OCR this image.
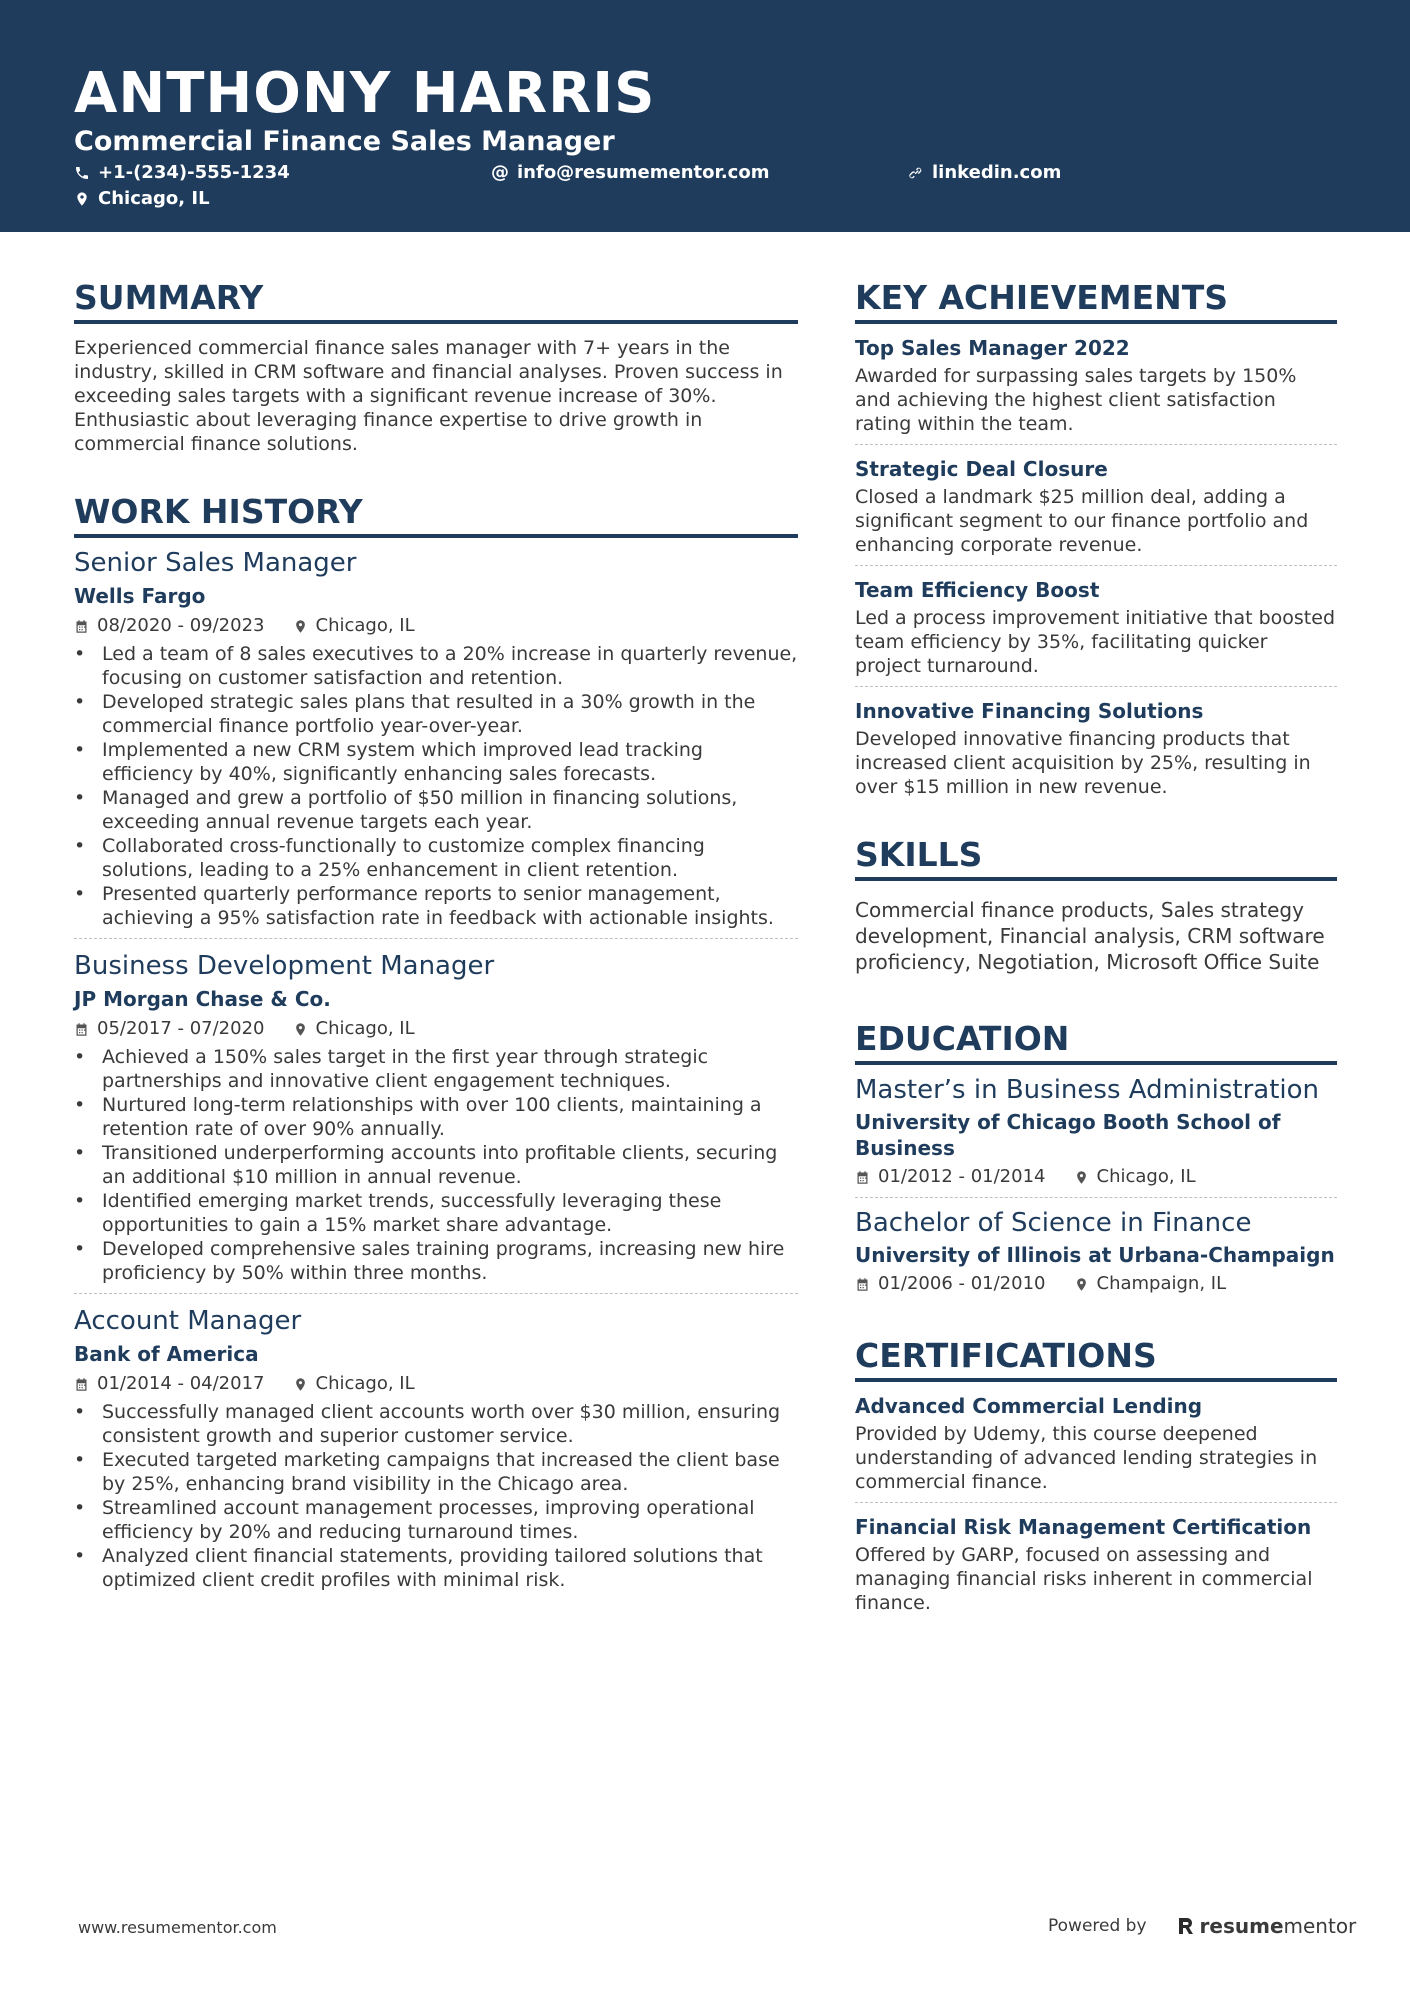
ANTHONY HARRIS
Commercial Finance Sales Manager
+1-(234)-555-1234	@ info@resumementor.com	linkedin.com
Chicago, IL
SUMMARY

Experienced commercial finance sales manager with 7+ years in the industry, skilled in CRM software and financial analyses. Proven success in exceeding sales targets with a significant revenue increase of 30%. Enthusiastic about leveraging finance expertise to drive growth in commercial finance solutions.

WORK HISTORY
Senior Sales Manager
Wells Fargo
08/2020 - 09/2023	Chicago, IL
• Led a team of 8 sales executives to a 20% increase in quarterly revenue, focusing on customer satisfaction and retention.
• Developed strategic sales plans that resulted in a 30% growth in the commercial finance portfolio year-over-year.
• Implemented a new CRM system which improved lead tracking efficiency by 40%, significantly enhancing sales forecasts.
• Managed and grew a portfolio of $50 million in financing solutions, exceeding annual revenue targets each year.
• Collaborated cross-functionally to customize complex financing solutions, leading to a 25% enhancement in client retention.
• Presented quarterly performance reports to senior management, achieving a 95% satisfaction rate in feedback with actionable insights.
Business Development Manager
JP Morgan Chase & Co.
05/2017 - 07/2020	Chicago, IL
• Achieved a 150% sales target in the first year through strategic partnerships and innovative client engagement techniques.
• Nurtured long-term relationships with over 100 clients, maintaining a retention rate of over 90% annually.
• Transitioned underperforming accounts into profitable clients, securing an additional $10 million in annual revenue.
• Identified emerging market trends, successfully leveraging these opportunities to gain a 15% market share advantage.
• Developed comprehensive sales training programs, increasing new hire proficiency by 50% within three months.
Account Manager
Bank of America
01/2014 - 04/2017	Chicago, IL
• Successfully managed client accounts worth over $30 million, ensuring consistent growth and superior customer service.
• Executed targeted marketing campaigns that increased the client base by 25%, enhancing brand visibility in the Chicago area.
• Streamlined account management processes, improving operational efficiency by 20% and reducing turnaround times.
• Analyzed client financial statements, providing tailored solutions that optimized client credit profiles with minimal risk.
KEY ACHIEVEMENTS
Top Sales Manager 2022

Awarded for surpassing sales targets by 150% and achieving the highest client satisfaction rating within the team.

Strategic Deal Closure

Closed a landmark $25 million deal, adding a significant segment to our finance portfolio and enhancing corporate revenue.

Team Efficiency Boost

Led a process improvement initiative that boosted team efficiency by 35%, facilitating quicker project turnaround.

Innovative Financing Solutions

Developed innovative financing products that increased client acquisition by 25%, resulting in over $15 million in new revenue.

SKILLS

Commercial finance products, Sales strategy development, Financial analysis, CRM software proficiency, Negotiation, Microsoft Office Suite

EDUCATION
Master’s in Business Administration
University of Chicago Booth School of Business
01/2012 - 01/2014	Chicago, IL
Bachelor of Science in Finance
University of Illinois at Urbana-Champaign
01/2006 - 01/2010	Champaign, IL
CERTIFICATIONS
Advanced Commercial Lending

Provided by Udemy, this course deepened understanding of advanced lending strategies in commercial finance.

Financial Risk Management Certification

Offered by GARP, focused on assessing and managing financial risks inherent in commercial finance.

www.resumementor.com	Powered by	resume mentor
